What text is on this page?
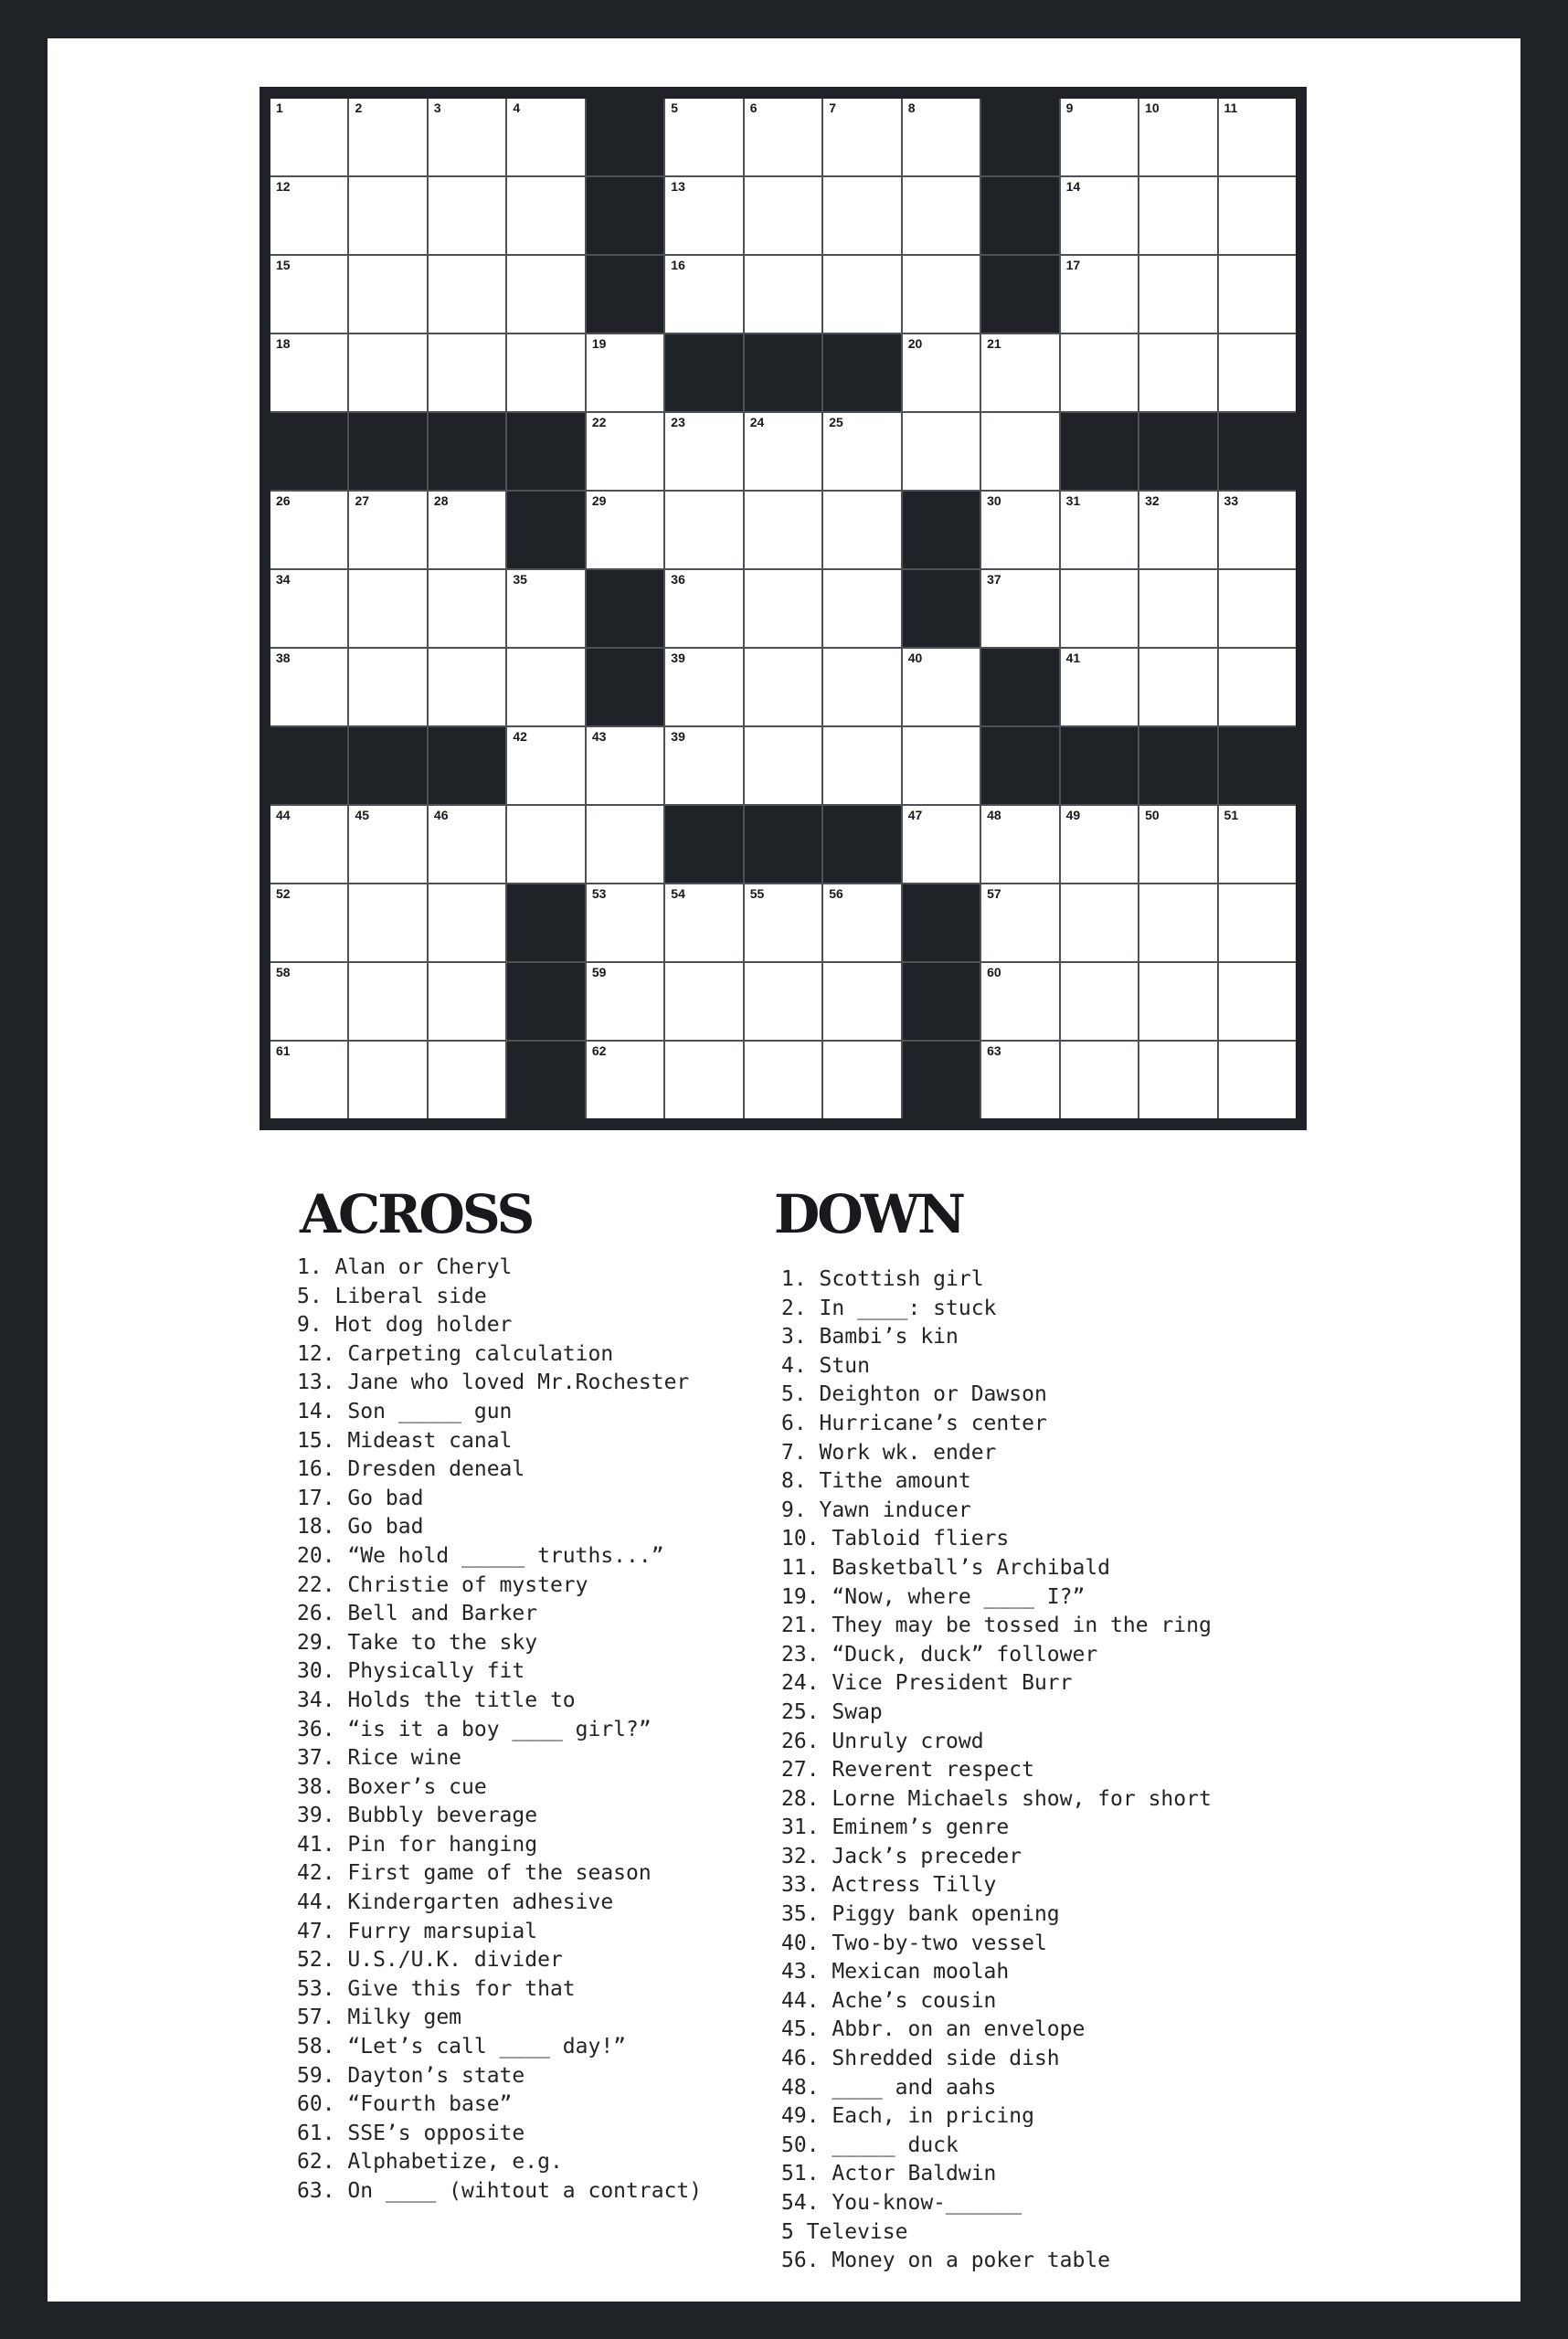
1	2	3	4	5	6	7	8	9	10	11
12	13	14
15	16	17
18	19	20	21
22	23	24	25
26	27	28	29	30	31	32	33
34	35	36	37
38	39	40	41
42	43	39
44	45	46	47	48	49	50	51
52	53	54	55	56	57
58	59	60
61	62	63
ACROSS	DOWN
1. Alan or Cheryl
5. Liberal side
9. Hot dog holder
12. Carpeting calculation
13. Jane who loved Mr.Rochester
14. Son _____ gun
15. Mideast canal
16. Dresden deneal
17. Go bad
18. Go bad
20. “We hold _____ truths...”
22. Christie of mystery
26. Bell and Barker
29. Take to the sky
30. Physically fit
34. Holds the title to
36. “is it a boy ____ girl?”
37. Rice wine
38. Boxer’s cue
39. Bubbly beverage
41. Pin for hanging
42. First game of the season
44. Kindergarten adhesive
47. Furry marsupial
52. U.S./U.K. divider
53. Give this for that
57. Milky gem
58. “Let’s call ____ day!”
59. Dayton’s state
60. “Fourth base”
61. SSE’s opposite
62. Alphabetize, e.g.
63. On ____ (wihtout a contract)
1. Scottish girl
2. In ____: stuck
3. Bambi’s kin
4. Stun
5. Deighton or Dawson
6. Hurricane’s center
7. Work wk. ender
8. Tithe amount
9. Yawn inducer
10. Tabloid fliers
11. Basketball’s Archibald
19. “Now, where ____ I?”
21. They may be tossed in the ring
23. “Duck, duck” follower
24. Vice President Burr
25. Swap
26. Unruly crowd
27. Reverent respect
28. Lorne Michaels show, for short
31. Eminem’s genre
32. Jack’s preceder
33. Actress Tilly
35. Piggy bank opening
40. Two-by-two vessel
43. Mexican moolah
44. Ache’s cousin
45. Abbr. on an envelope
46. Shredded side dish
48. ____ and aahs
49. Each, in pricing
50. _____ duck
51. Actor Baldwin
54. You-know-______
5 Televise
56. Money on a poker table
